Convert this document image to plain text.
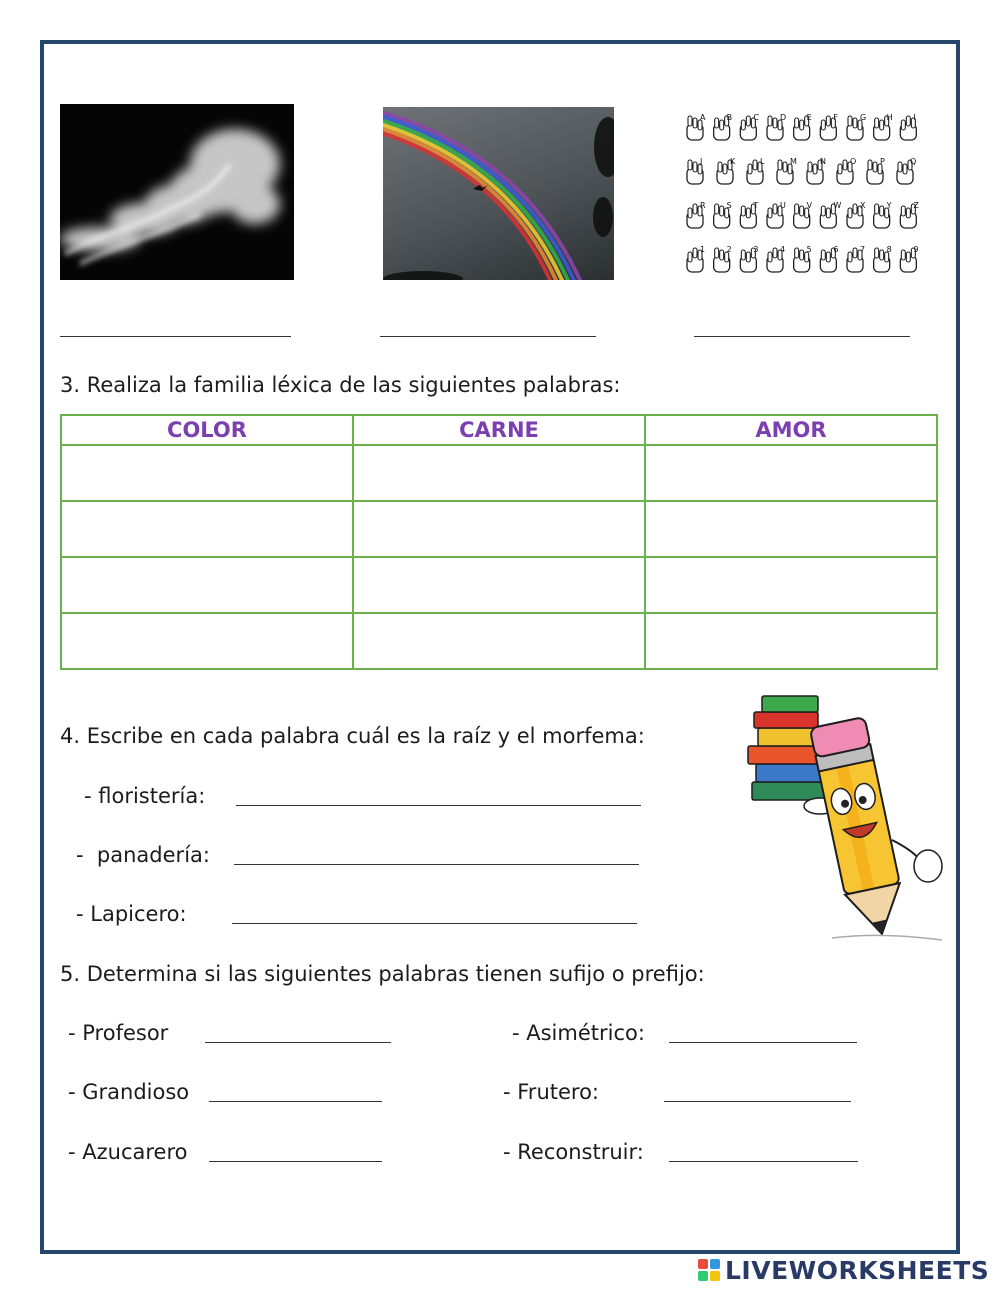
A	B	C	D	E	F	G	H	I
J	K	L	M	N	O	P	Q
R	S	T	U	V	W X	Y	Z
1	2	3	4	5	6	7	8	9
3. Realiza la familia léxica de las siguientes palabras:
COLOR	CARNE	AMOR

4. Escribe en cada palabra cuál es la raíz y el morfema:
- floristería:
-  panadería:
- Lapicero:
5. Determina si las siguientes palabras tienen sufijo o prefijo:
- Profesor	- Asimétrico:
- Grandioso	- Frutero:
- Azucarero	- Reconstruir:
LIVEWORKSHEETS
